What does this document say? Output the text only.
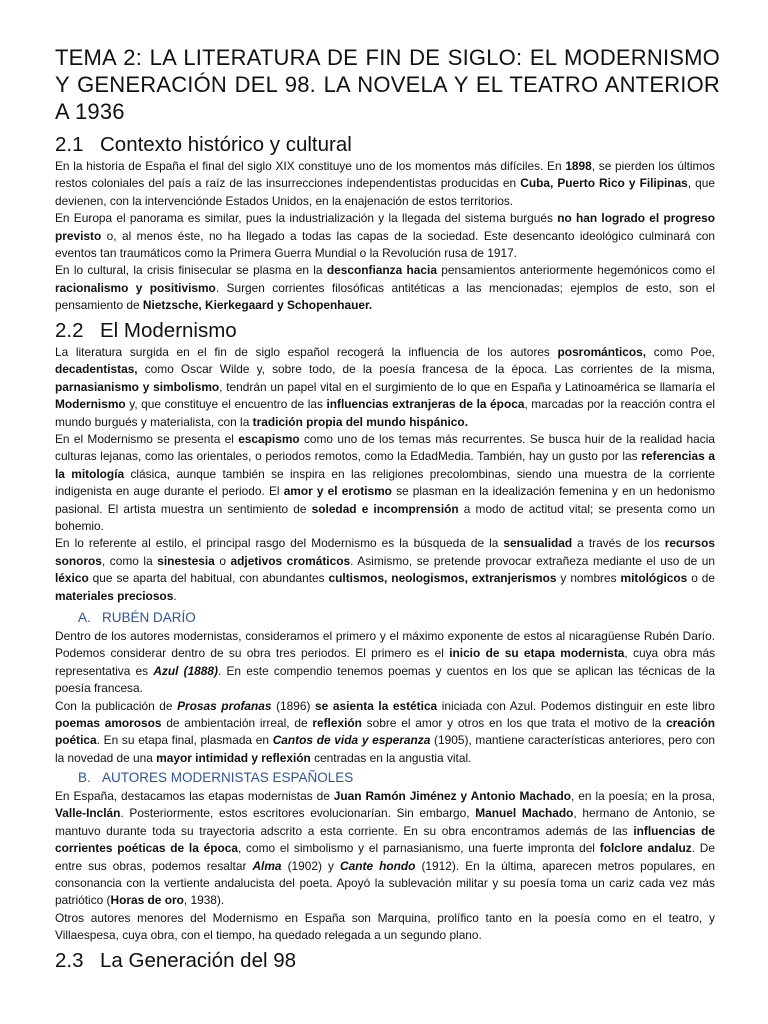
TEMA 2: LA LITERATURA DE FIN DE SIGLO: EL MODERNISMO Y GENERACIÓN DEL 98. LA NOVELA Y EL TEATRO ANTERIOR A 1936
2.1 Contexto histórico y cultural

En la historia de España el final del siglo XIX constituye uno de los momentos más difíciles. En 1898, se pierden los últimos restos coloniales del país a raíz de las insurrecciones independentistas producidas en Cuba, Puerto Rico y Filipinas, que devienen, con la intervenciónde Estados Unidos, en la enajenación de estos territorios.

En Europa el panorama es similar, pues la industrialización y la llegada del sistema burgués no han logrado el progreso previsto o, al menos éste, no ha llegado a todas las capas de la sociedad. Este desencanto ideológico culminará con eventos tan traumáticos como la Primera Guerra Mundial o la Revolución rusa de 1917.

En lo cultural, la crisis finisecular se plasma en la desconfianza hacia pensamientos anteriormente hegemónicos como el racionalismo y positivismo. Surgen corrientes filosóficas antitéticas a las mencionadas; ejemplos de esto, son el pensamiento de Nietzsche, Kierkegaard y Schopenhauer.

2.2 El Modernismo

La literatura surgida en el fin de siglo español recogerá la influencia de los autores posrománticos, como Poe, decadentistas, como Oscar Wilde y, sobre todo, de la poesía francesa de la época. Las corrientes de la misma, parnasianismo y simbolismo, tendrán un papel vital en el surgimiento de lo que en España y Latinoamérica se llamaría el Modernismo y, que constituye el encuentro de las influencias extranjeras de la época, marcadas por la reacción contra el mundo burgués y materialista, con la tradición propia del mundo hispánico.

En el Modernismo se presenta el escapismo como uno de los temas más recurrentes. Se busca huir de la realidad hacia culturas lejanas, como las orientales, o periodos remotos, como la EdadMedia. También, hay un gusto por las referencias a la mitología clásica, aunque también se inspira en las religiones precolombinas, siendo una muestra de la corriente indigenista en auge durante el periodo. El amor y el erotismo se plasman en la idealización femenina y en un hedonismo pasional. El artista muestra un sentimiento de soledad e incomprensión a modo de actitud vital; se presenta como un bohemio.

En lo referente al estilo, el principal rasgo del Modernismo es la búsqueda de la sensualidad a través de los recursos sonoros, como la sinestesia o adjetivos cromáticos. Asimismo, se pretende provocar extrañeza mediante el uso de un léxico que se aparta del habitual, con abundantes cultismos, neologismos, extranjerismos y nombres mitológicos o de materiales preciosos.

A. RUBÉN DARÍO

Dentro de los autores modernistas, consideramos el primero y el máximo exponente de estos al nicaragüense Rubén Darío. Podemos considerar dentro de su obra tres periodos. El primero es el inicio de su etapa modernista, cuya obra más representativa es Azul (1888). En este compendio tenemos poemas y cuentos en los que se aplican las técnicas de la poesía francesa.

Con la publicación de Prosas profanas (1896) se asienta la estética iniciada con Azul. Podemos distinguir en este libro poemas amorosos de ambientación irreal, de reflexión sobre el amor y otros en los que trata el motivo de la creación poética. En su etapa final, plasmada en Cantos de vida y esperanza (1905), mantiene características anteriores, pero con la novedad de una mayor intimidad y reflexión centradas en la angustia vital.

B. AUTORES MODERNISTAS ESPAÑOLES

En España, destacamos las etapas modernistas de Juan Ramón Jiménez y Antonio Machado, en la poesía; en la prosa, Valle-Inclán. Posteriormente, estos escritores evolucionarían. Sin embargo, Manuel Machado, hermano de Antonio, se mantuvo durante toda su trayectoria adscrito a esta corriente. En su obra encontramos además de las influencias de corrientes poéticas de la época, como el simbolismo y el parnasianismo, una fuerte impronta del folclore andaluz. De entre sus obras, podemos resaltar Alma (1902) y Cante hondo (1912). En la última, aparecen metros populares, en consonancia con la vertiente andalucista del poeta. Apoyó la sublevación militar y su poesía toma un cariz cada vez más patriótico (Horas de oro, 1938).

Otros autores menores del Modernismo en España son Marquina, prolífico tanto en la poesía como en el teatro, y Villaespesa, cuya obra, con el tiempo, ha quedado relegada a un segundo plano.

2.3 La Generación del 98
